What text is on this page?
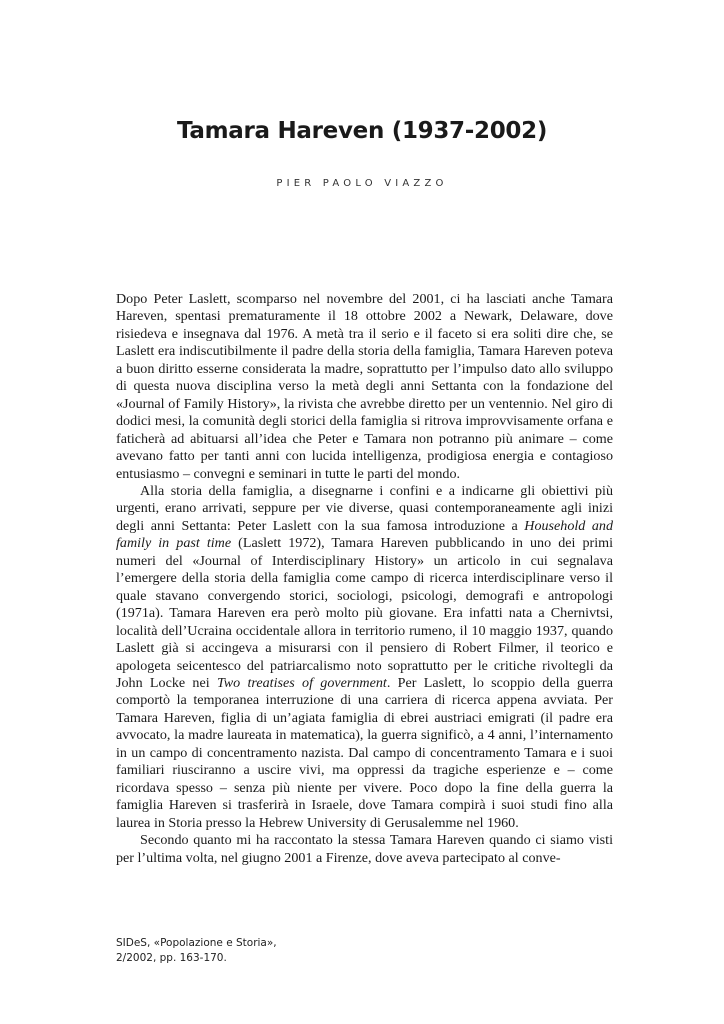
Tamara Hareven (1937-2002)
PIER PAOLO VIAZZO

Dopo Peter Laslett, scomparso nel novembre del 2001, ci ha lasciati anche Tamara Hareven, spentasi prematuramente il 18 ottobre 2002 a Newark, Delaware, dove risiedeva e insegnava dal 1976. A metà tra il serio e il faceto si era soliti dire che, se Laslett era indiscutibilmente il padre della storia della famiglia, Tamara Hareven poteva a buon diritto esserne considerata la madre, soprattutto per l’impulso dato allo sviluppo di questa nuova disciplina verso la metà degli anni Settanta con la fondazione del «Journal of Family History», la rivista che avrebbe diretto per un ventennio. Nel giro di dodici mesi, la comunità degli storici della famiglia si ritrova improvvisamente orfana e faticherà ad abituarsi all’idea che Peter e Tamara non potranno più animare – come avevano fatto per tanti anni con lucida intelligenza, prodigiosa energia e contagioso entusiasmo – convegni e seminari in tutte le parti del mondo.

Alla storia della famiglia, a disegnarne i confini e a indicarne gli obiettivi più urgenti, erano arrivati, seppure per vie diverse, quasi contemporaneamente agli inizi degli anni Settanta: Peter Laslett con la sua famosa introduzione a Household and family in past time (Laslett 1972), Tamara Hareven pubblicando in uno dei primi numeri del «Journal of Interdisciplinary History» un articolo in cui segnalava l’emergere della storia della famiglia come campo di ricerca interdisciplinare verso il quale stavano convergendo storici, sociologi, psicologi, demografi e antropologi (1971a). Tamara Hareven era però molto più giovane. Era infatti nata a Chernivtsi, località dell’Ucraina occidentale allora in territorio rumeno, il 10 maggio 1937, quando Laslett già si accingeva a misurarsi con il pensiero di Robert Filmer, il teorico e apologeta seicentesco del patriarcalismo noto soprattutto per le critiche rivoltegli da John Locke nei Two treatises of government. Per Laslett, lo scoppio della guerra comportò la temporanea interruzione di una carriera di ricerca appena avviata. Per Tamara Hareven, figlia di un’agiata famiglia di ebrei austriaci emigrati (il padre era avvocato, la madre laureata in matematica), la guerra significò, a 4 anni, l’internamento in un campo di concentramento nazista. Dal campo di concentramento Tamara e i suoi familiari riusciranno a uscire vivi, ma oppressi da tragiche esperienze e – come ricordava spesso – senza più niente per vivere. Poco dopo la fine della guerra la famiglia Hareven si trasferirà in Israele, dove Tamara compirà i suoi studi fino alla laurea in Storia presso la Hebrew University di Gerusalemme nel 1960.

Secondo quanto mi ha raccontato la stessa Tamara Hareven quando ci siamo visti per l’ultima volta, nel giugno 2001 a Firenze, dove aveva partecipato al conve-

SIDeS, «Popolazione e Storia»,
2/2002, pp. 163-170.
